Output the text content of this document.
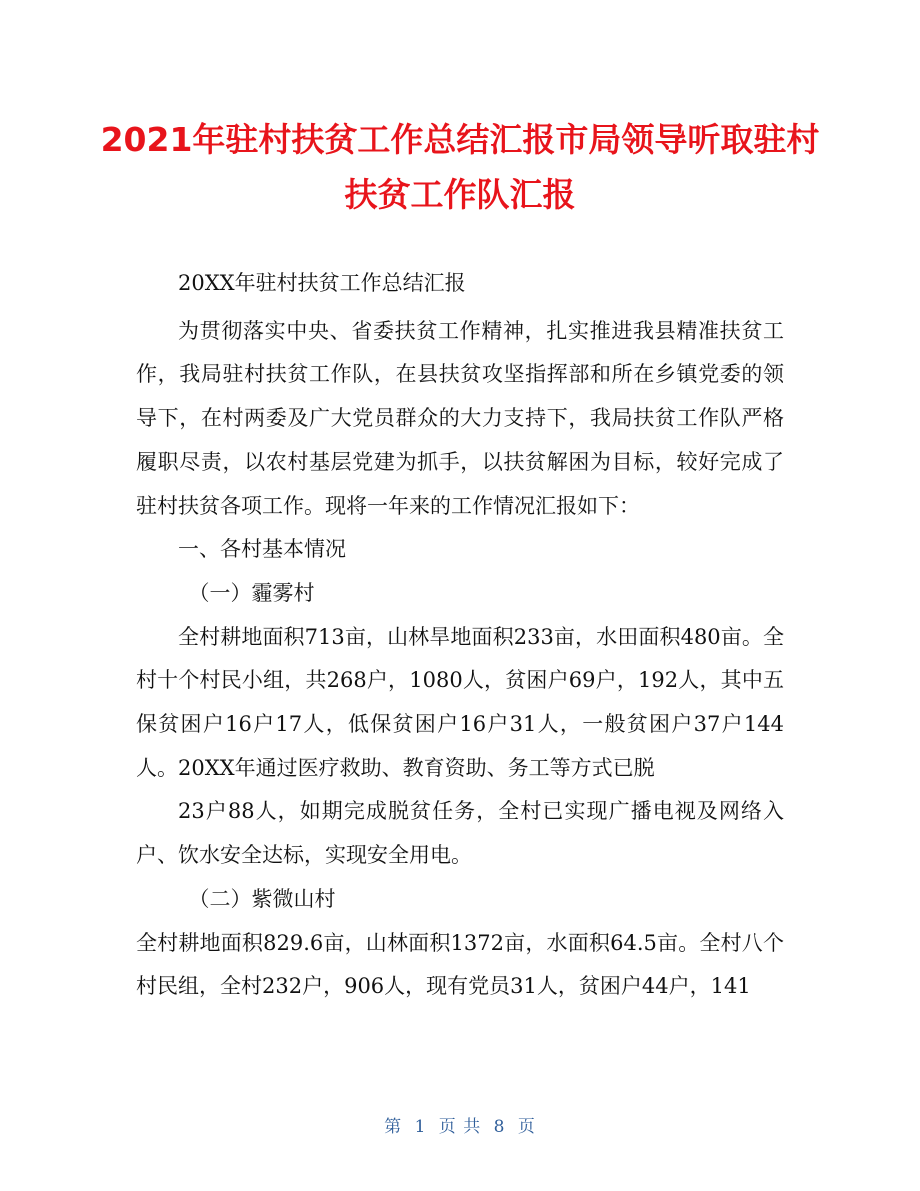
2021年驻村扶贫工作总结汇报市局领导听取驻村扶贫工作队汇报

20XX年驻村扶贫工作总结汇报

为贯彻落实中央、省委扶贫工作精神，扎实推进我县精准扶贫工作，我局驻村扶贫工作队，在县扶贫攻坚指挥部和所在乡镇党委的领导下，在村两委及广大党员群众的大力支持下，我局扶贫工作队严格履职尽责，以农村基层党建为抓手，以扶贫解困为目标，较好完成了驻村扶贫各项工作。现将一年来的工作情况汇报如下：

一、各村基本情况

（一）霾雾村

全村耕地面积713亩，山林旱地面积233亩，水田面积480亩。全村十个村民小组，共268户，1080人，贫困户69户，192人，其中五保贫困户16户17人，低保贫困户16户31人，一般贫困户37户144人。20XX年通过医疗救助、教育资助、务工等方式已脱

23户88人，如期完成脱贫任务，全村已实现广播电视及网络入户、饮水安全达标，实现安全用电。

（二）紫微山村

全村耕地面积829.6亩，山林面积1372亩，水面积64.5亩。全村八个村民组，全村232户，906人，现有党员31人，贫困户44户，141

第 1 页 共 8 页
